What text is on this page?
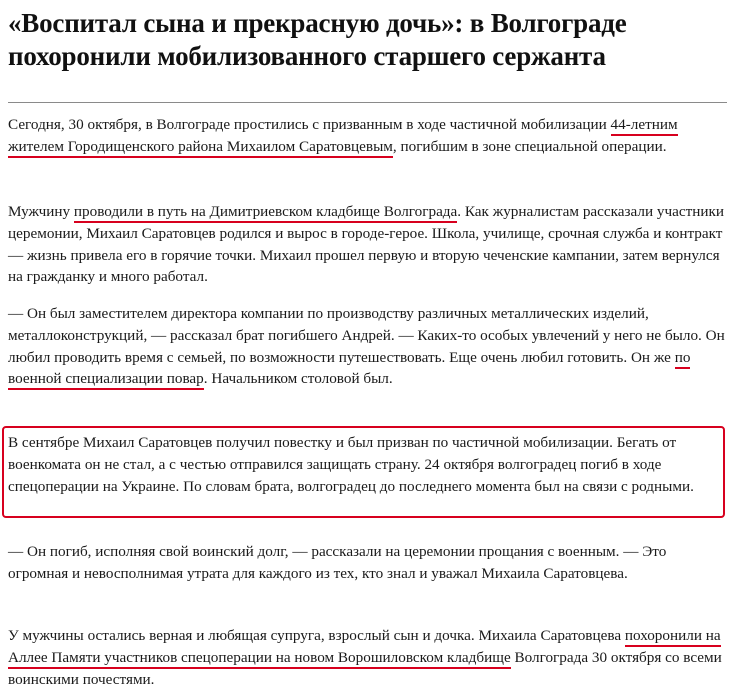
«Воспитал сына и прекрасную дочь»: в Волгограде похоронили мобилизованного старшего сержанта

Сегодня, 30 октября, в Волгограде простились с призванным в ходе частичной мобилизации 44-летним жителем Городищенского района Михаилом Саратовцевым, погибшим в зоне специальной операции.

Мужчину проводили в путь на Димитриевском кладбище Волгограда. Как журналистам рассказали участники церемонии, Михаил Саратовцев родился и вырос в городе-герое. Школа, училище, срочная служба и контракт — жизнь привела его в горячие точки. Михаил прошел первую и вторую чеченские кампании, затем вернулся на гражданку и много работал.

— Он был заместителем директора компании по производству различных металлических изделий, металлоконструкций, — рассказал брат погибшего Андрей. — Каких-то особых увлечений у него не было. Он любил проводить время с семьей, по возможности путешествовать. Еще очень любил готовить. Он же по военной специализации повар. Начальником столовой был.

В сентябре Михаил Саратовцев получил повестку и был призван по частичной мобилизации. Бегать от военкомата он не стал, а с честью отправился защищать страну. 24 октября волгоградец погиб в ходе спецоперации на Украине. По словам брата, волгоградец до последнего момента был на связи с родными.

— Он погиб, исполняя свой воинский долг, — рассказали на церемонии прощания с военным. — Это огромная и невосполнимая утрата для каждого из тех, кто знал и уважал Михаила Саратовцева.

У мужчины остались верная и любящая супруга, взрослый сын и дочка. Михаила Саратовцева похоронили на Аллее Памяти участников спецоперации на новом Ворошиловском кладбище Волгограда 30 октября со всеми воинскими почестями.
